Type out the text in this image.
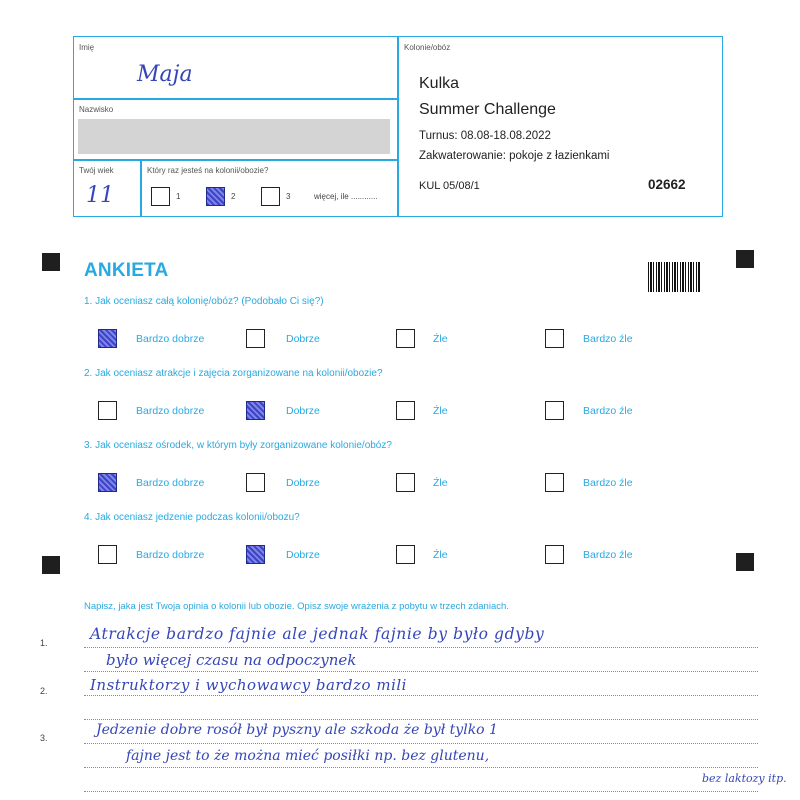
Imię
Maja
Nazwisko
Twój wiek
11
Który raz jesteś na kolonii/obozie?
1	2	3	więcej, ile ............
Kolonie/obóz
Kulka
Summer Challenge
Turnus: 08.08-18.08.2022
Zakwaterowanie: pokoje z łazienkami
KUL 05/08/1	02662
ANKIETA
1. Jak oceniasz całą kolonię/obóz? (Podobało Ci się?)
Bardzo dobrze	Dobrze	Źle	Bardzo źle
2. Jak oceniasz atrakcje i zajęcia zorganizowane na kolonii/obozie?
Bardzo dobrze	Dobrze	Źle	Bardzo źle
3. Jak oceniasz ośrodek, w którym były zorganizowane kolonie/obóz?
Bardzo dobrze	Dobrze	Źle	Bardzo źle
4. Jak oceniasz jedzenie podczas kolonii/obozu?
Bardzo dobrze	Dobrze	Źle	Bardzo źle
Napisz, jaka jest Twoja opinia o kolonii lub obozie. Opisz swoje wrażenia z pobytu w trzech zdaniach.
1.
2.
3.
Atrakcje bardzo fajnie ale jednak fajnie by było gdyby
było więcej czasu na odpoczynek
Instruktorzy i wychowawcy bardzo mili
Jedzenie dobre rosół był pyszny ale szkoda że był tylko 1
fajne jest to że można mieć posiłki np. bez glutenu,
bez laktozy itp.
